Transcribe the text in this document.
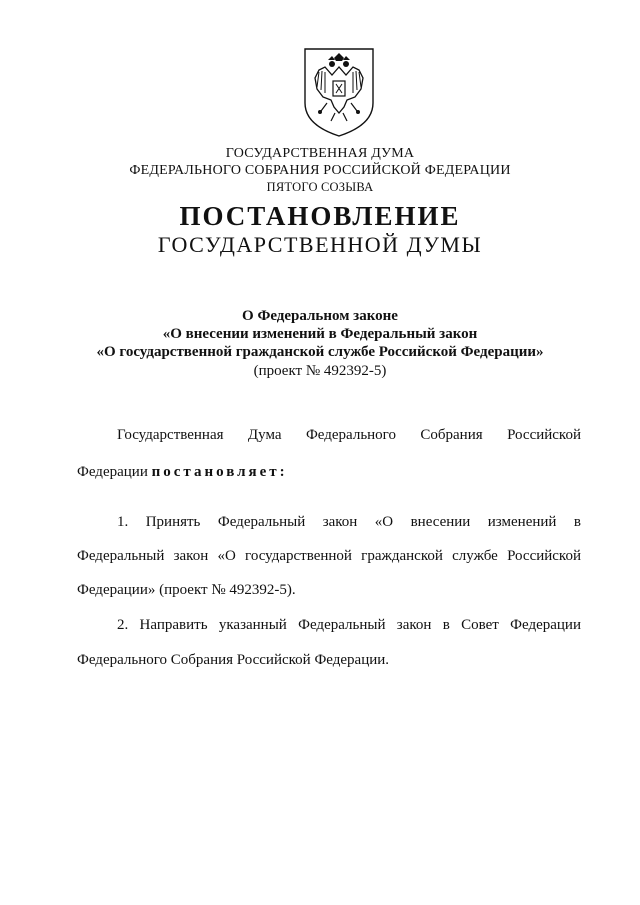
ГОСУДАРСТВЕННАЯ ДУМА
ФЕДЕРАЛЬНОГО СОБРАНИЯ РОССИЙСКОЙ ФЕДЕРАЦИИ
ПЯТОГО СОЗЫВА
ПОСТАНОВЛЕНИЕ
ГОСУДАРСТВЕННОЙ ДУМЫ
О Федеральном законе
«О внесении изменений в Федеральный закон
«О государственной гражданской службе Российской Федерации»
(проект № 492392-5)
Государственная Дума Федерального Собрания Российской
Федерации постановляет:
1. Принять Федеральный закон «О внесении изменений в
Федеральный закон «О государственной гражданской службе Российской
Федерации» (проект № 492392-5).
2. Направить указанный Федеральный закон в Совет Федерации
Федерального Собрания Российской Федерации.
